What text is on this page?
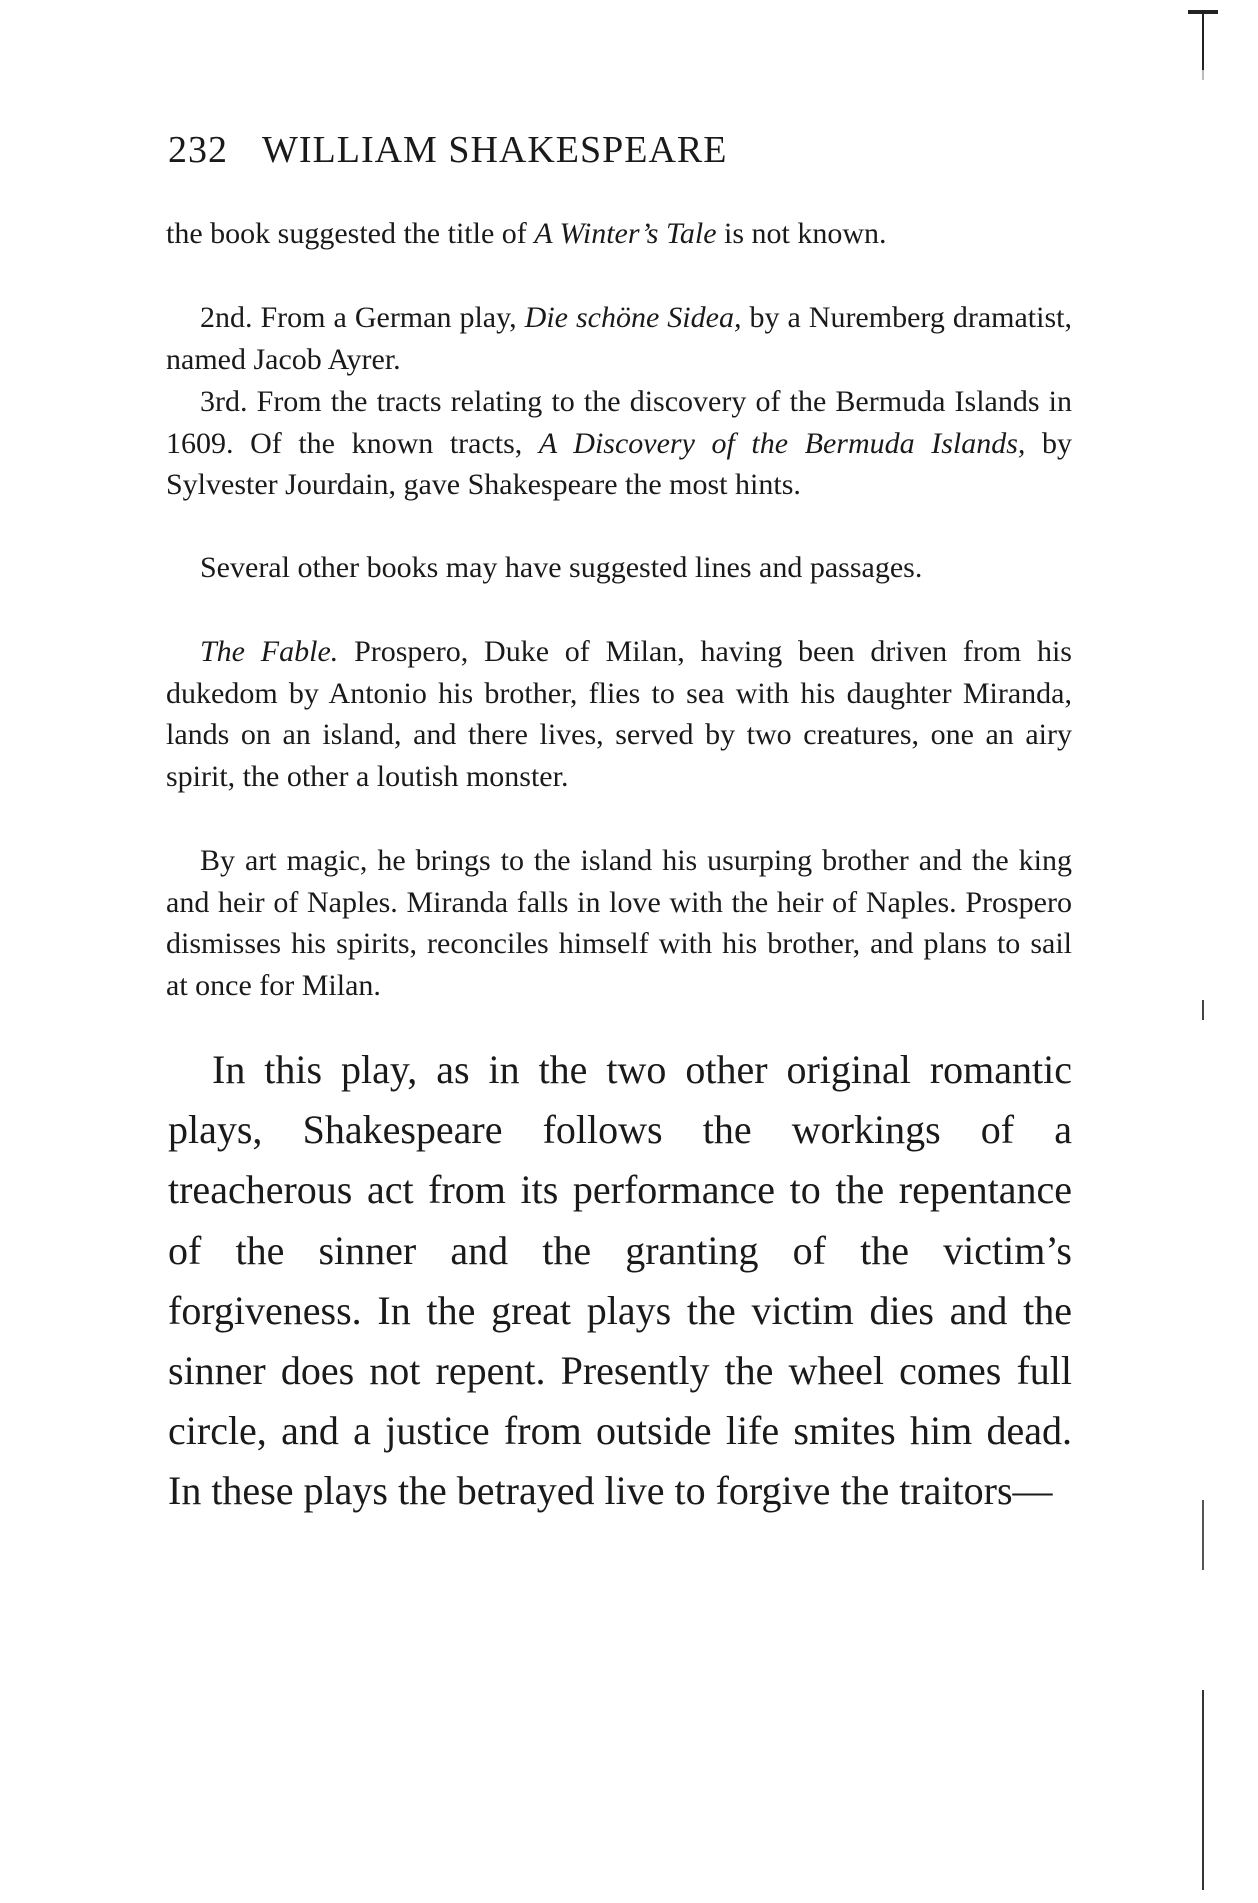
232 WILLIAM SHAKESPEARE

the book suggested the title of A Winter’s Tale is not known.

2nd. From a German play, Die schöne Sidea, by a Nuremberg dramatist, named Jacob Ayrer.

3rd. From the tracts relating to the discovery of the Bermuda Islands in 1609. Of the known tracts, A Discovery of the Bermuda Islands, by Sylvester Jourdain, gave Shakespeare the most hints.

Several other books may have suggested lines and passages.

The Fable. Prospero, Duke of Milan, having been driven from his dukedom by Antonio his brother, flies to sea with his daughter Miranda, lands on an island, and there lives, served by two creatures, one an airy spirit, the other a loutish monster.

By art magic, he brings to the island his usurping brother and the king and heir of Naples. Miranda falls in love with the heir of Naples. Prospero dismisses his spirits, reconciles himself with his brother, and plans to sail at once for Milan.

In this play, as in the two other original romantic plays, Shakespeare follows the workings of a treacherous act from its performance to the repentance of the sinner and the granting of the victim’s forgiveness. In the great plays the victim dies and the sinner does not repent. Presently the wheel comes full circle, and a justice from outside life smites him dead. In these plays the betrayed live to forgive the traitors—
